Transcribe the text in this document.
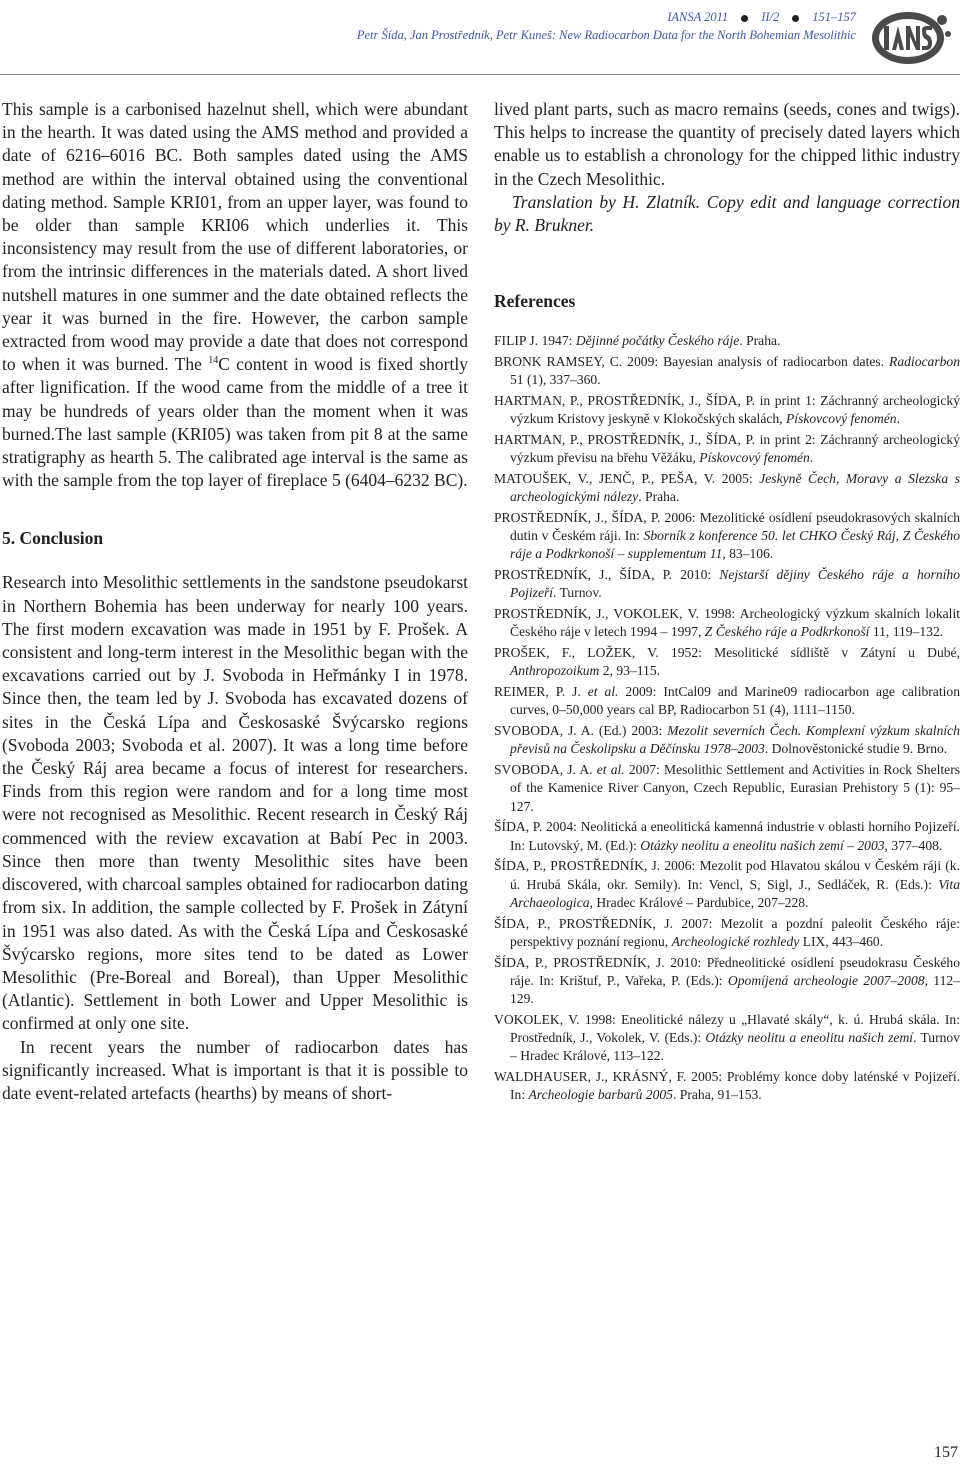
IANSA 2011	II/2	151–157
Petr Šída, Jan Prostředník, Petr Kuneš: New Radiocarbon Data for the North Bohemian Mesolithic

This sample is a carbonised hazelnut shell, which were abundant in the hearth. It was dated using the AMS method and provided a date of 6216–6016 BC. Both samples dated using the AMS method are within the interval obtained using the conventional dating method. Sample KRI01, from an upper layer, was found to be older than sample KRI06 which underlies it. This inconsistency may result from the use of different laboratories, or from the intrinsic differences in the materials dated. A short lived nutshell matures in one summer and the date obtained reflects the year it was burned in the fire. However, the carbon sample extracted from wood may provide a date that does not correspond to when it was burned. The $^{14}$C content in wood is fixed shortly after lignification. If the wood came from the middle of a tree it may be hundreds of years older than the moment when it was burned.The last sample (KRI05) was taken from pit 8 at the same stratigraphy as hearth 5. The calibrated age interval is the same as with the sample from the top layer of fireplace 5 (6404–6232 BC).

5. Conclusion

Research into Mesolithic settlements in the sandstone pseudokarst in Northern Bohemia has been underway for nearly 100 years. The first modern excavation was made in 1951 by F. Prošek. A consistent and long-term interest in the Mesolithic began with the excavations carried out by J. Svoboda in Heřmánky I in 1978. Since then, the team led by J. Svoboda has excavated dozens of sites in the Česká Lípa and Českosaské Švýcarsko regions (Svoboda 2003; Svoboda et al. 2007). It was a long time before the Český Ráj area became a focus of interest for researchers. Finds from this region were random and for a long time most were not recognised as Mesolithic. Recent research in Český Ráj commenced with the review excavation at Babí Pec in 2003. Since then more than twenty Mesolithic sites have been discovered, with charcoal samples obtained for radiocarbon dating from six. In addition, the sample collected by F. Prošek in Zátyní in 1951 was also dated. As with the Česká Lípa and Českosaské Švýcarsko regions, more sites tend to be dated as Lower Mesolithic (Pre-Boreal and Boreal), than Upper Mesolithic (Atlantic). Settlement in both Lower and Upper Mesolithic is confirmed at only one site.

In recent years the number of radiocarbon dates has significantly increased. What is important is that it is possible to date event-related artefacts (hearths) by means of short-

lived plant parts, such as macro remains (seeds, cones and twigs). This helps to increase the quantity of precisely dated layers which enable us to establish a chronology for the chipped lithic industry in the Czech Mesolithic.

Translation by H. Zlatník. Copy edit and language correction by R. Brukner.

References

FILIP J. 1947: Dějinné počátky Českého ráje. Praha.

BRONK RAMSEY, C. 2009: Bayesian analysis of radiocarbon dates. Radiocarbon 51 (1), 337–360.

HARTMAN, P., PROSTŘEDNÍK, J., ŠÍDA, P. in print 1: Záchranný archeologický výzkum Kristovy jeskyně v Klokočských skalách, Pískovcový fenomén.

HARTMAN, P., PROSTŘEDNÍK, J., ŠÍDA, P. in print 2: Záchranný archeologický výzkum převisu na břehu Věžáku, Pískovcový fenomén.

MATOUŠEK, V., JENČ, P., PEŠA, V. 2005: Jeskyně Čech, Moravy a Slezska s archeologickými nálezy. Praha.

PROSTŘEDNÍK, J., ŠÍDA, P. 2006: Mezolitické osídlení pseudokrasových skalních dutin v Českém ráji. In: Sborník z konference 50. let CHKO Český Ráj, Z Českého ráje a Podkrkonoší – supplementum 11, 83–106.

PROSTŘEDNÍK, J., ŠÍDA, P. 2010: Nejstarší dějiny Českého ráje a horního Pojizeří. Turnov.

PROSTŘEDNÍK, J., VOKOLEK, V. 1998: Archeologický výzkum skalních lokalit Českého ráje v letech 1994 – 1997, Z Českého ráje a Podkrkonoší 11, 119–132.

PROŠEK, F., LOŽEK, V. 1952: Mesolitické sídliště v Zátyní u Dubé, Anthropozoikum 2, 93–115.

REIMER, P. J. et al. 2009: IntCal09 and Marine09 radiocarbon age calibration curves, 0–50,000 years cal BP, Radiocarbon 51 (4), 1111–1150.

SVOBODA, J. A. (Ed.) 2003: Mezolit severních Čech. Komplexní výzkum skalních převisů na Českolipsku a Děčínsku 1978–2003. Dolnověstonické studie 9. Brno.

SVOBODA, J. A. et al. 2007: Mesolithic Settlement and Activities in Rock Shelters of the Kamenice River Canyon, Czech Republic, Eurasian Prehistory 5 (1): 95–127.

ŠÍDA, P. 2004: Neolitická a eneolitická kamenná industrie v oblasti horního Pojizeří. In: Lutovský, M. (Ed.): Otázky neolitu a eneolitu našich zemí – 2003, 377–408.

ŠÍDA, P., PROSTŘEDNÍK, J. 2006: Mezolit pod Hlavatou skálou v Českém ráji (k. ú. Hrubá Skála, okr. Semily). In: Vencl, S, Sigl, J., Sedláček, R. (Eds.): Vita Archaeologica, Hradec Králové – Pardubice, 207–228.

ŠÍDA, P., PROSTŘEDNÍK, J. 2007: Mezolit a pozdní paleolit Českého ráje: perspektivy poznání regionu, Archeologické rozhledy LIX, 443–460.

ŠÍDA, P., PROSTŘEDNÍK, J. 2010: Předneolitické osídlení pseudokrasu Českého ráje. In: Krištuf, P., Vařeka, P. (Eds.): Opomíjená archeologie 2007–2008, 112–129.

VOKOLEK, V. 1998: Eneolitické nálezy u „Hlavaté skály“, k. ú. Hrubá skála. In: Prostředník, J., Vokolek, V. (Eds.): Otázky neolitu a eneolitu našich zemí. Turnov – Hradec Králové, 113–122.

WALDHAUSER, J., KRÁSNÝ, F. 2005: Problémy konce doby laténské v Pojizeří. In: Archeologie barbarů 2005. Praha, 91–153.

157
